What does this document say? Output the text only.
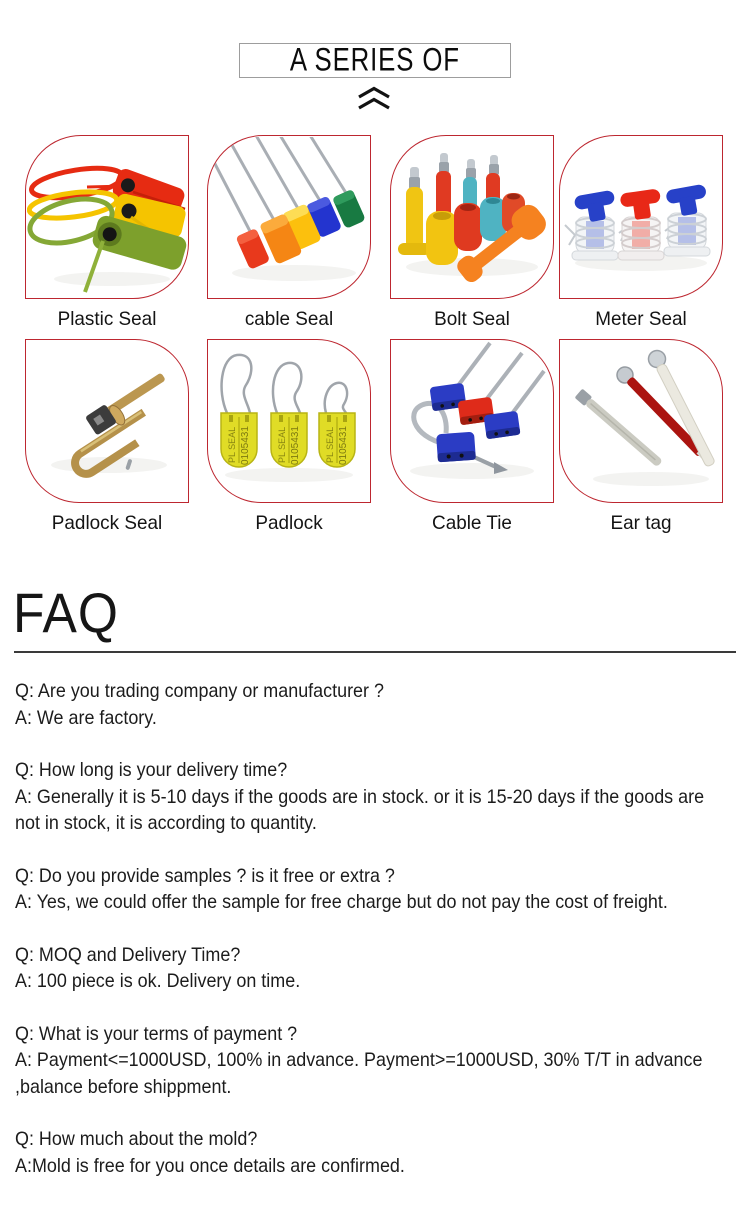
A SERIES OF
Plastic Seal	cable Seal	Bolt Seal	Meter Seal
Padlock Seal
PL SEAL 0105431	PL SEAL 0105431	PL SEAL 0105431
Padlock	Cable Tie	Ear tag
FAQ
Q: Are you trading company or manufacturer ?
A: We are factory.
Q: How long is your delivery time?
A: Generally it is 5-10 days if the goods are in stock. or it is 15-20 days if the goods are not in stock, it is according to quantity.
Q: Do you provide samples ? is it free or extra ?
A: Yes, we could offer the sample for free charge but do not pay the cost of freight.
Q: MOQ and Delivery Time?
A: 100 piece is ok. Delivery on time.
Q: What is your terms of payment ?
A: Payment<=1000USD, 100% in advance. Payment>=1000USD, 30% T/T in advance ,balance before shippment.
Q: How much about the mold?
A:Mold is free for you once details are confirmed.
